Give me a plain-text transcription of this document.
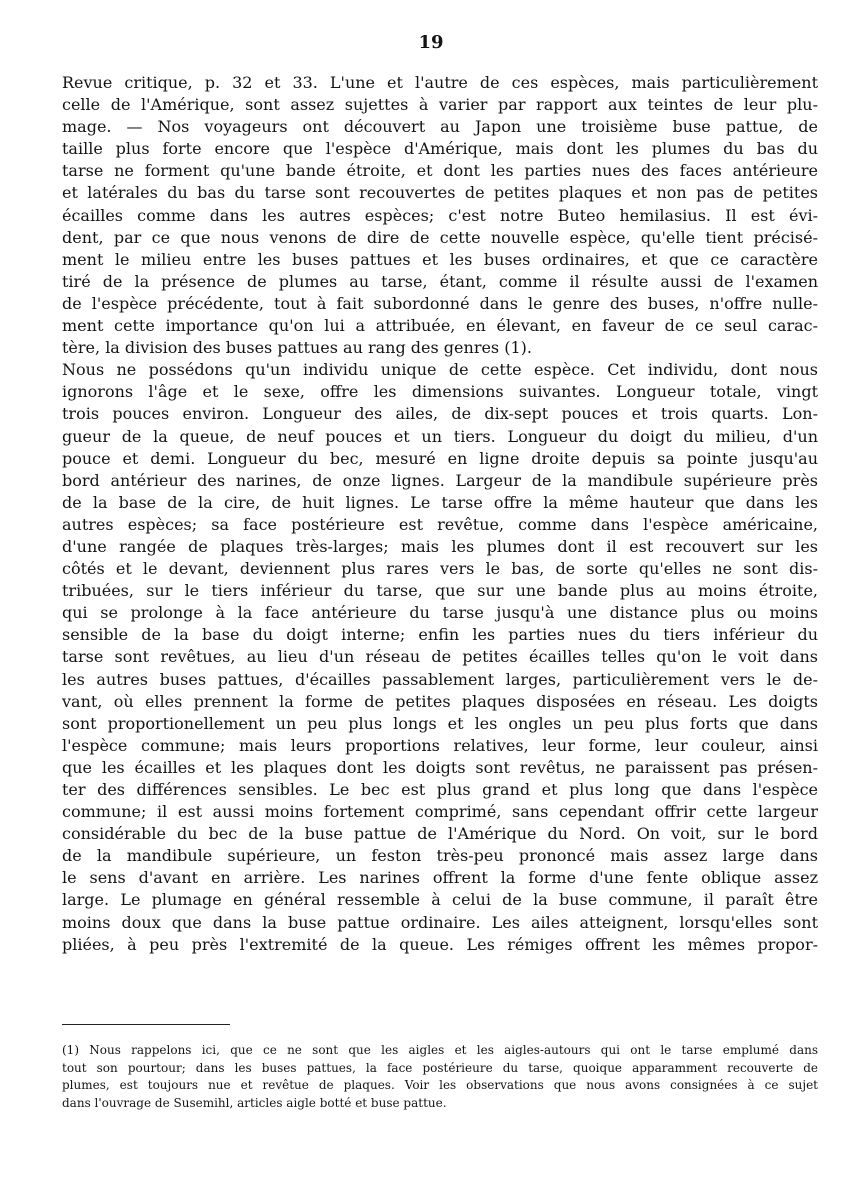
19
Revue critique, p. 32 et 33. L'une et l'autre de ces espèces, mais particulièrement
celle de l'Amérique, sont assez sujettes à varier par rapport aux teintes de leur plu-
mage. — Nos voyageurs ont découvert au Japon une troisième buse pattue, de
taille plus forte encore que l'espèce d'Amérique, mais dont les plumes du bas du
tarse ne forment qu'une bande étroite, et dont les parties nues des faces antérieure
et latérales du bas du tarse sont recouvertes de petites plaques et non pas de petites
écailles comme dans les autres espèces; c'est notre Buteo hemilasius. Il est évi-
dent, par ce que nous venons de dire de cette nouvelle espèce, qu'elle tient précisé-
ment le milieu entre les buses pattues et les buses ordinaires, et que ce caractère
tiré de la présence de plumes au tarse, étant, comme il résulte aussi de l'examen
de l'espèce précédente, tout à fait subordonné dans le genre des buses, n'offre nulle-
ment cette importance qu'on lui a attribuée, en élevant, en faveur de ce seul carac-
tère, la division des buses pattues au rang des genres (1).
Nous ne possédons qu'un individu unique de cette espèce. Cet individu, dont nous
ignorons l'âge et le sexe, offre les dimensions suivantes. Longueur totale, vingt
trois pouces environ. Longueur des ailes, de dix-sept pouces et trois quarts. Lon-
gueur de la queue, de neuf pouces et un tiers. Longueur du doigt du milieu, d'un
pouce et demi. Longueur du bec, mesuré en ligne droite depuis sa pointe jusqu'au
bord antérieur des narines, de onze lignes. Largeur de la mandibule supérieure près
de la base de la cire, de huit lignes. Le tarse offre la même hauteur que dans les
autres espèces; sa face postérieure est revêtue, comme dans l'espèce américaine,
d'une rangée de plaques très-larges; mais les plumes dont il est recouvert sur les
côtés et le devant, deviennent plus rares vers le bas, de sorte qu'elles ne sont dis-
tribuées, sur le tiers inférieur du tarse, que sur une bande plus au moins étroite,
qui se prolonge à la face antérieure du tarse jusqu'à une distance plus ou moins
sensible de la base du doigt interne; enfin les parties nues du tiers inférieur du
tarse sont revêtues, au lieu d'un réseau de petites écailles telles qu'on le voit dans
les autres buses pattues, d'écailles passablement larges, particulièrement vers le de-
vant, où elles prennent la forme de petites plaques disposées en réseau. Les doigts
sont proportionellement un peu plus longs et les ongles un peu plus forts que dans
l'espèce commune; mais leurs proportions relatives, leur forme, leur couleur, ainsi
que les écailles et les plaques dont les doigts sont revêtus, ne paraissent pas présen-
ter des différences sensibles. Le bec est plus grand et plus long que dans l'espèce
commune; il est aussi moins fortement comprimé, sans cependant offrir cette largeur
considérable du bec de la buse pattue de l'Amérique du Nord. On voit, sur le bord
de la mandibule supérieure, un feston très-peu prononcé mais assez large dans
le sens d'avant en arrière. Les narines offrent la forme d'une fente oblique assez
large. Le plumage en général ressemble à celui de la buse commune, il paraît être
moins doux que dans la buse pattue ordinaire. Les ailes atteignent, lorsqu'elles sont
pliées, à peu près l'extremité de la queue. Les rémiges offrent les mêmes propor-
(1) Nous rappelons ici, que ce ne sont que les aigles et les aigles-autours qui ont le tarse emplumé dans
tout son pourtour; dans les buses pattues, la face postérieure du tarse, quoique apparamment recouverte de
plumes, est toujours nue et revêtue de plaques. Voir les observations que nous avons consignées à ce sujet
dans l'ouvrage de Susemihl, articles aigle botté et buse pattue.
